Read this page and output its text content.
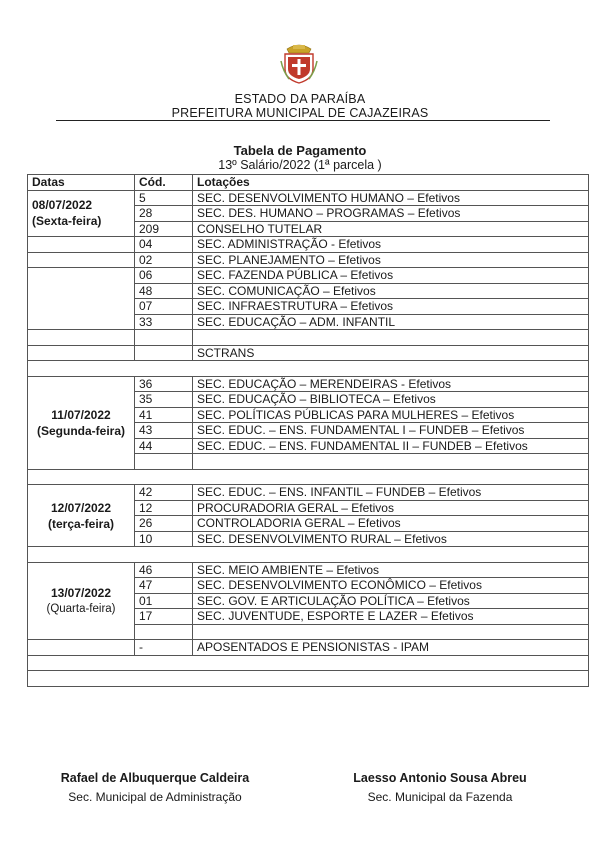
ESTADO DA PARAÍBA
PREFEITURA MUNICIPAL DE CAJAZEIRAS
Tabela de Pagamento
13º Salário/2022 (1ª parcela )
Datas	Cód.	Lotações

08/07/2022
(Sexta-feira)	5	SEC. DESENVOLVIMENTO HUMANO – Efetivos
	28	SEC. DES. HUMANO – PROGRAMAS – Efetivos
	209	CONSELHO TUTELAR
	04	SEC. ADMINISTRAÇÃO - Efetivos
	02	SEC. PLANEJAMENTO – Efetivos
	06	SEC. FAZENDA PÚBLICA – Efetivos
	48	SEC. COMUNICAÇÃO – Efetivos
	07	SEC. INFRAESTRUTURA – Efetivos
	33	SEC. EDUCAÇÃO – ADM. INFANTIL

		SCTRANS

11/07/2022
(Segunda-feira)	36	SEC. EDUCAÇÃO – MERENDEIRAS - Efetivos
	35	SEC. EDUCAÇÃO – BIBLIOTECA – Efetivos
	41	SEC. POLÍTICAS PÚBLICAS PARA MULHERES – Efetivos
	43	SEC. EDUC. – ENS. FUNDAMENTAL I – FUNDEB – Efetivos
	44	SEC. EDUC. – ENS. FUNDAMENTAL II – FUNDEB – Efetivos

12/07/2022
(terça-feira)	42	SEC. EDUC. – ENS. INFANTIL – FUNDEB – Efetivos
	12	PROCURADORIA GERAL – Efetivos
	26	CONTROLADORIA GERAL – Efetivos
	10	SEC. DESENVOLVIMENTO RURAL – Efetivos

13/07/2022
(Quarta-feira)	46	SEC. MEIO AMBIENTE – Efetivos
	47	SEC. DESENVOLVIMENTO ECONÔMICO – Efetivos
	01	SEC. GOV. E ARTICULAÇÃO POLÍTICA – Efetivos
	17	SEC. JUVENTUDE, ESPORTE E LAZER – Efetivos

	-	APOSENTADOS E PENSIONISTAS - IPAM

Rafael de Albuquerque Caldeira
Sec. Municipal de Administração
Laesso Antonio Sousa Abreu
Sec. Municipal da Fazenda
